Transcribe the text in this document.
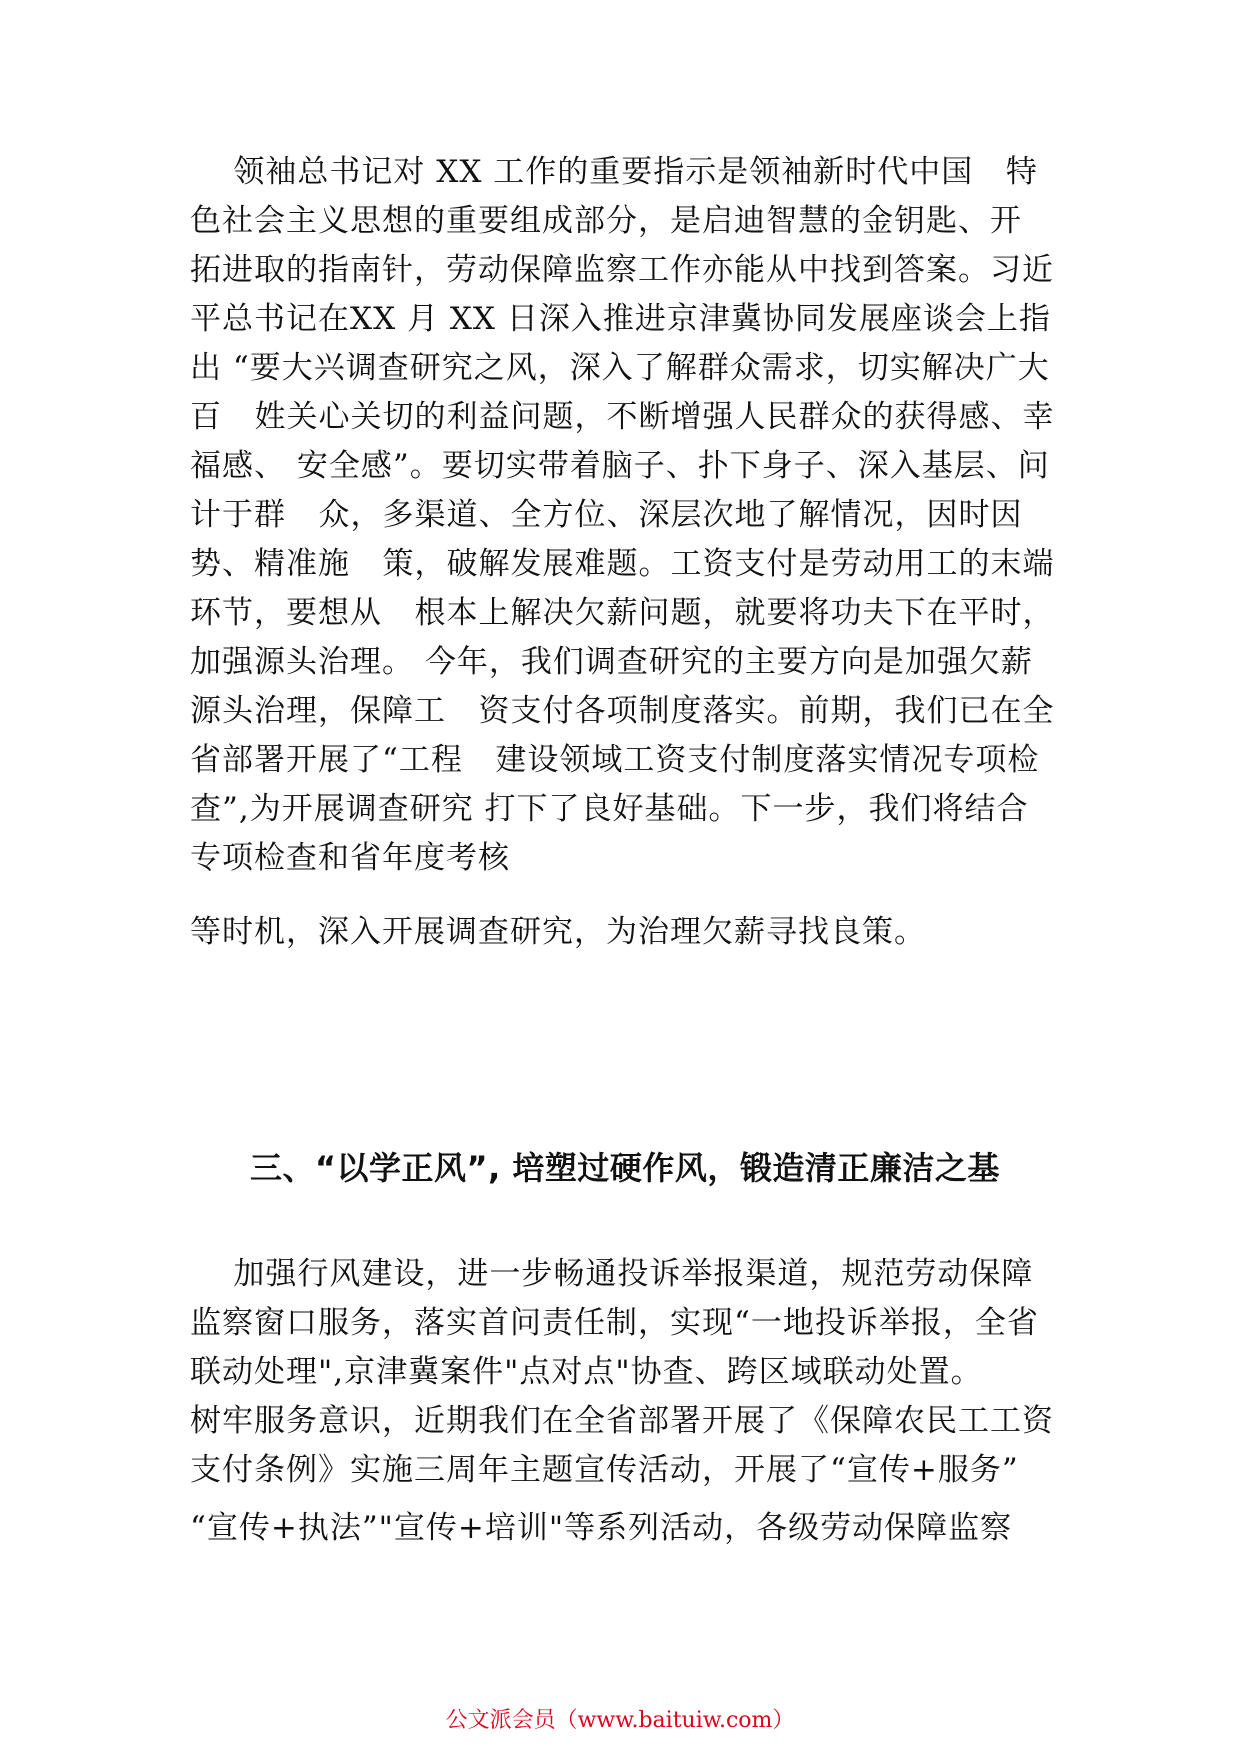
领袖总书记对 XX 工作的重要指示是领袖新时代中国   特
色社会主义思想的重要组成部分，是启迪智慧的金钥匙、开
拓进取的指南针，劳动保障监察工作亦能从中找到答案。习近
平总书记在XX 月 XX 日深入推进京津冀协同发展座谈会上指
出 “要大兴调查研究之风，深入了解群众需求，切实解决广大
百   姓关心关切的利益问题，不断增强人民群众的获得感、幸
福感、 安全感”。要切实带着脑子、扑下身子、深入基层、问
计于群   众，多渠道、全方位、深层次地了解情况，因时因
势、精准施   策，破解发展难题。工资支付是劳动用工的末端
环节，要想从   根本上解决欠薪问题，就要将功夫下在平时，
加强源头治理。 今年，我们调查研究的主要方向是加强欠薪
源头治理，保障工   资支付各项制度落实。前期，我们已在全
省部署开展了“工程   建设领域工资支付制度落实情况专项检
查”,为开展调查研究 打下了良好基础。下一步，我们将结合
专项检查和省年度考核
等时机，深入开展调查研究，为治理欠薪寻找良策。
三、“以学正风”, 培塑过硬作风，锻造清正廉洁之基
加强行风建设，进一步畅通投诉举报渠道，规范劳动保障
监察窗口服务，落实首问责任制，实现“一地投诉举报，全省
联动处理",京津冀案件"点对点"协查、跨区域联动处置。
树牢服务意识，近期我们在全省部署开展了《保障农民工工资
支付条例》实施三周年主题宣传活动，开展了“宣传+服务”
“宣传+执法”"宣传+培训"等系列活动，各级劳动保障监察
公文派会员（www.baituiw.com）
